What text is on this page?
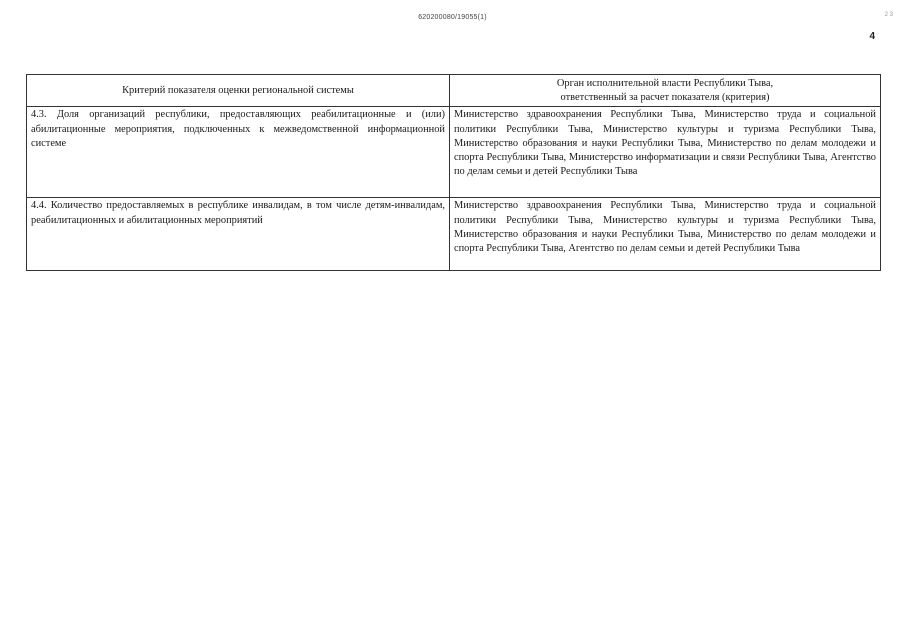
620200080/19055(1)	2 3
4
Критерий показателя оценки региональной системы	Орган исполнительной власти Республики Тыва,
ответственный за расчет показателя (критерия)

4.3. Доля организаций республики, предоставляющих реабилитационные и (или) абилитационные мероприятия, подключенных к межведомственной информационной системе	Министерство здравоохранения Республики Тыва, Министерство труда и социальной политики Республики Тыва, Министерство культуры и туризма Республики Тыва, Министерство образования и науки Республики Тыва, Министерство по делам молодежи и спорта Республики Тыва, Министерство информатизации и связи Республики Тыва, Агентство по делам семьи и детей Республики Тыва
4.4. Количество предоставляемых в республике инвалидам, в том числе детям-инвалидам, реабилитационных и абилитационных мероприятий	Министерство здравоохранения Республики Тыва, Министерство труда и социальной политики Республики Тыва, Министерство культуры и туризма Республики Тыва, Министерство образования и науки Республики Тыва, Министерство по делам молодежи и спорта Республики Тыва, Агентство по делам семьи и детей Республики Тыва
